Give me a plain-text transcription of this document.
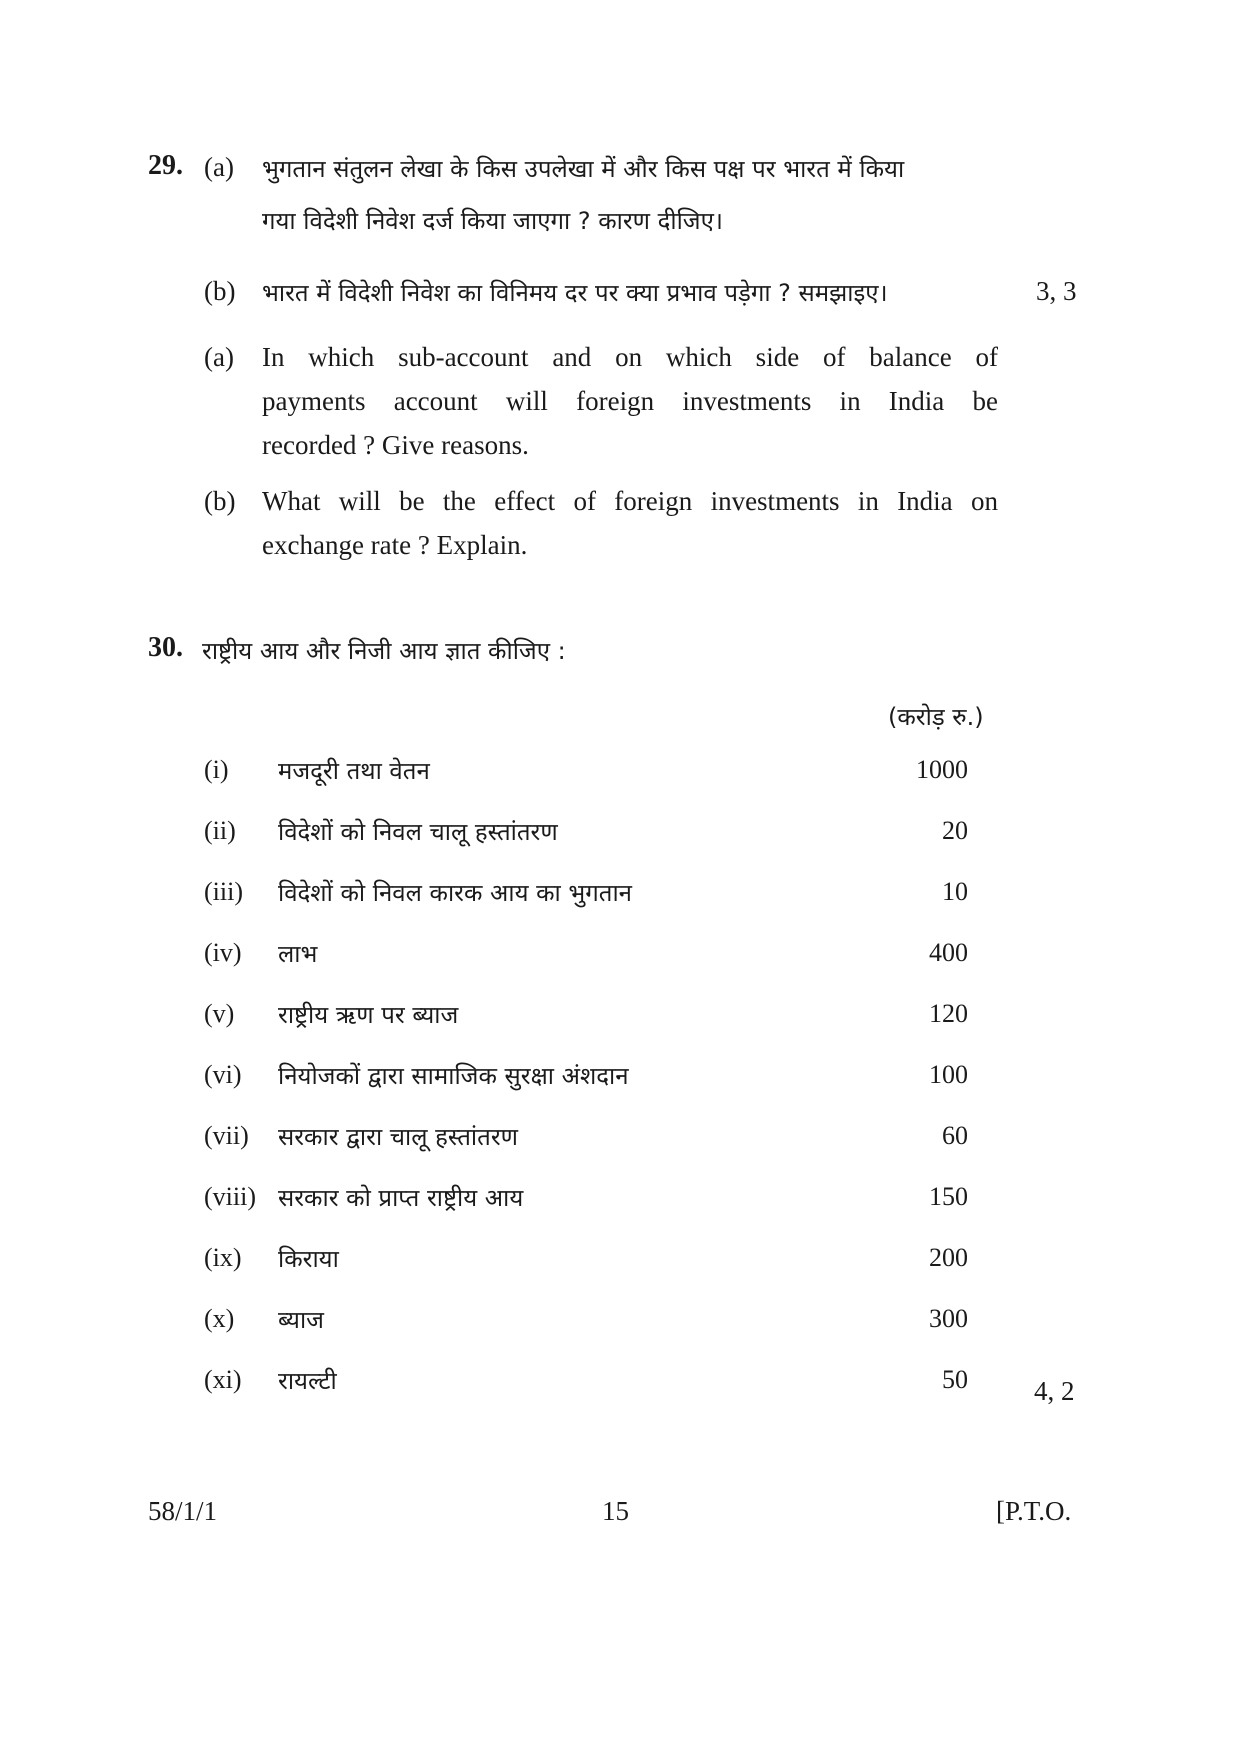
29. (a) भुगतान संतुलन लेखा के किस उपलेखा में और किस पक्ष पर भारत में किया
गया विदेशी निवेश दर्ज किया जाएगा ? कारण दीजिए।
(b) भारत में विदेशी निवेश का विनिमय दर पर क्या प्रभाव पड़ेगा ? समझाइए।	3, 3
(a) In which sub-account and on which side of balance of
payments account will foreign investments in India be
recorded ? Give reasons.
(b) What will be the effect of foreign investments in India on
exchange rate ? Explain.
30. राष्ट्रीय आय और निजी आय ज्ञात कीजिए :
(करोड़ रु.)
(i) मजदूरी तथा वेतन	1000
(ii) विदेशों को निवल चालू हस्तांतरण	20
(iii) विदेशों को निवल कारक आय का भुगतान	10
(iv) लाभ	400
(v) राष्ट्रीय ऋण पर ब्याज	120
(vi) नियोजकों द्वारा सामाजिक सुरक्षा अंशदान	100
(vii) सरकार द्वारा चालू हस्तांतरण	60
(viii) सरकार को प्राप्त राष्ट्रीय आय	150
(ix) किराया	200
(x) ब्याज	300
(xi) रायल्टी	50 4, 2
58/1/1	15	[P.T.O.
